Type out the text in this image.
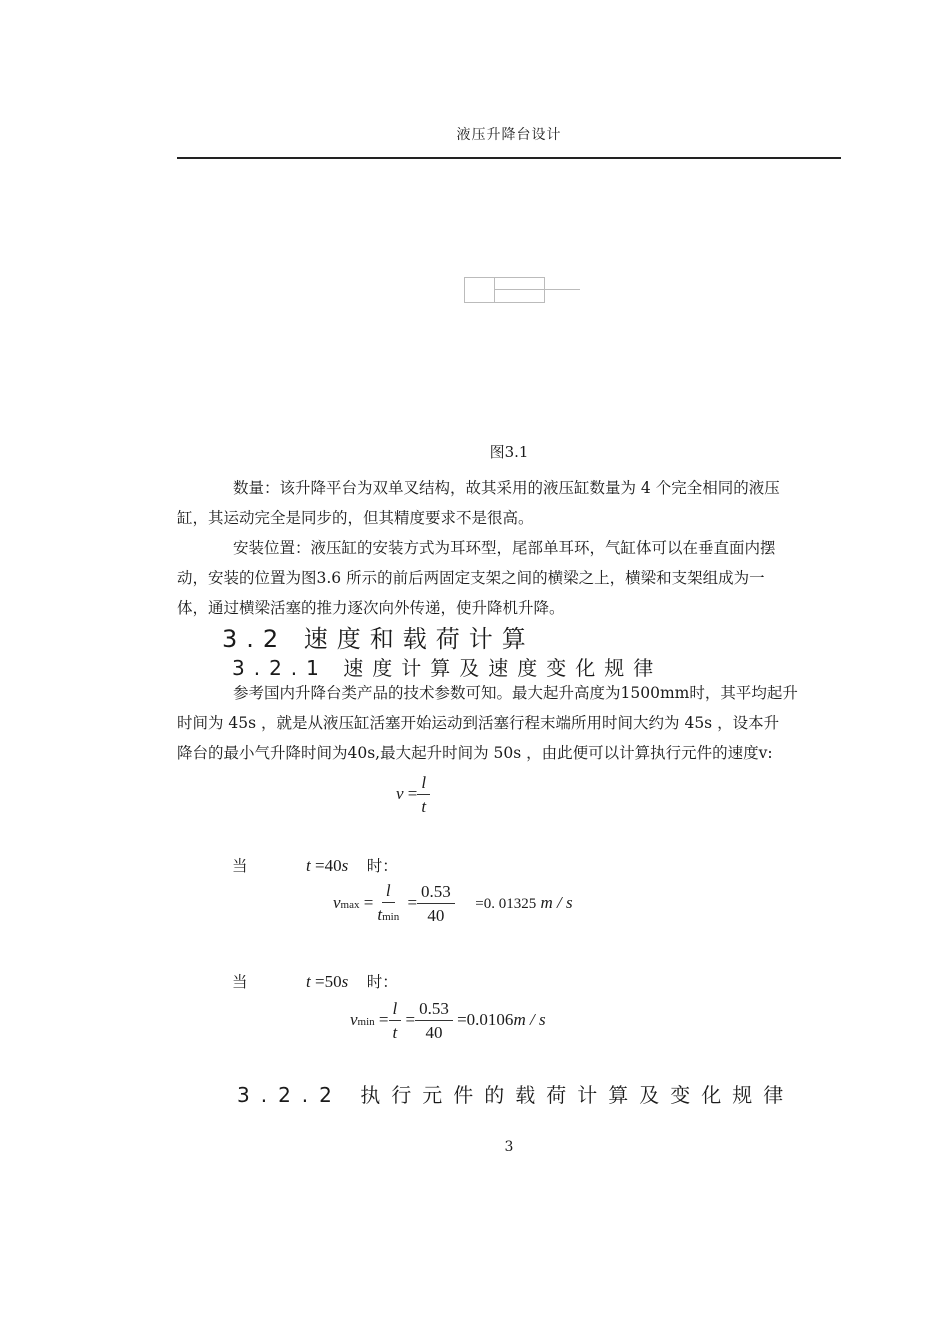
液压升降台设计
图3.1
数量：该升降平台为双单叉结构，故其采用的液压缸数量为 4 个完全相同的液压
缸，其运动完全是同步的，但其精度要求不是很高。
安装位置：液压缸的安装方式为耳环型，尾部单耳环，气缸体可以在垂直面内摆
动，安装的位置为图3.6 所示的前后两固定支架之间的横梁之上，横梁和支架组成为一
体，通过横梁活塞的推力逐次向外传递，使升降机升降。
3.2 速度和载荷计算
3.2.1 速度计算及速度变化规律
参考国内升降台类产品的技术参数可知。最大起升高度为1500mm时，其平均起升
时间为 45s ，就是从液压缸活塞开始运动到活塞行程末端所用时间大约为 45s ，设本升
降台的最小气升降时间为40s,最大起升时间为 50s ，由此便可以计算执行元件的速度v:
$v = \frac{l}{t}$
当	t =40s 时：
$vmax = \frac{l}{tmin} = \frac{0.53}{40} =0$. 01325 m / s
当	t =50s 时：
$vmin = \frac{l}{t} = \frac{0.53}{40} =0.0106m / s$
3.2.2 执行元件的载荷计算及变化规律
3
